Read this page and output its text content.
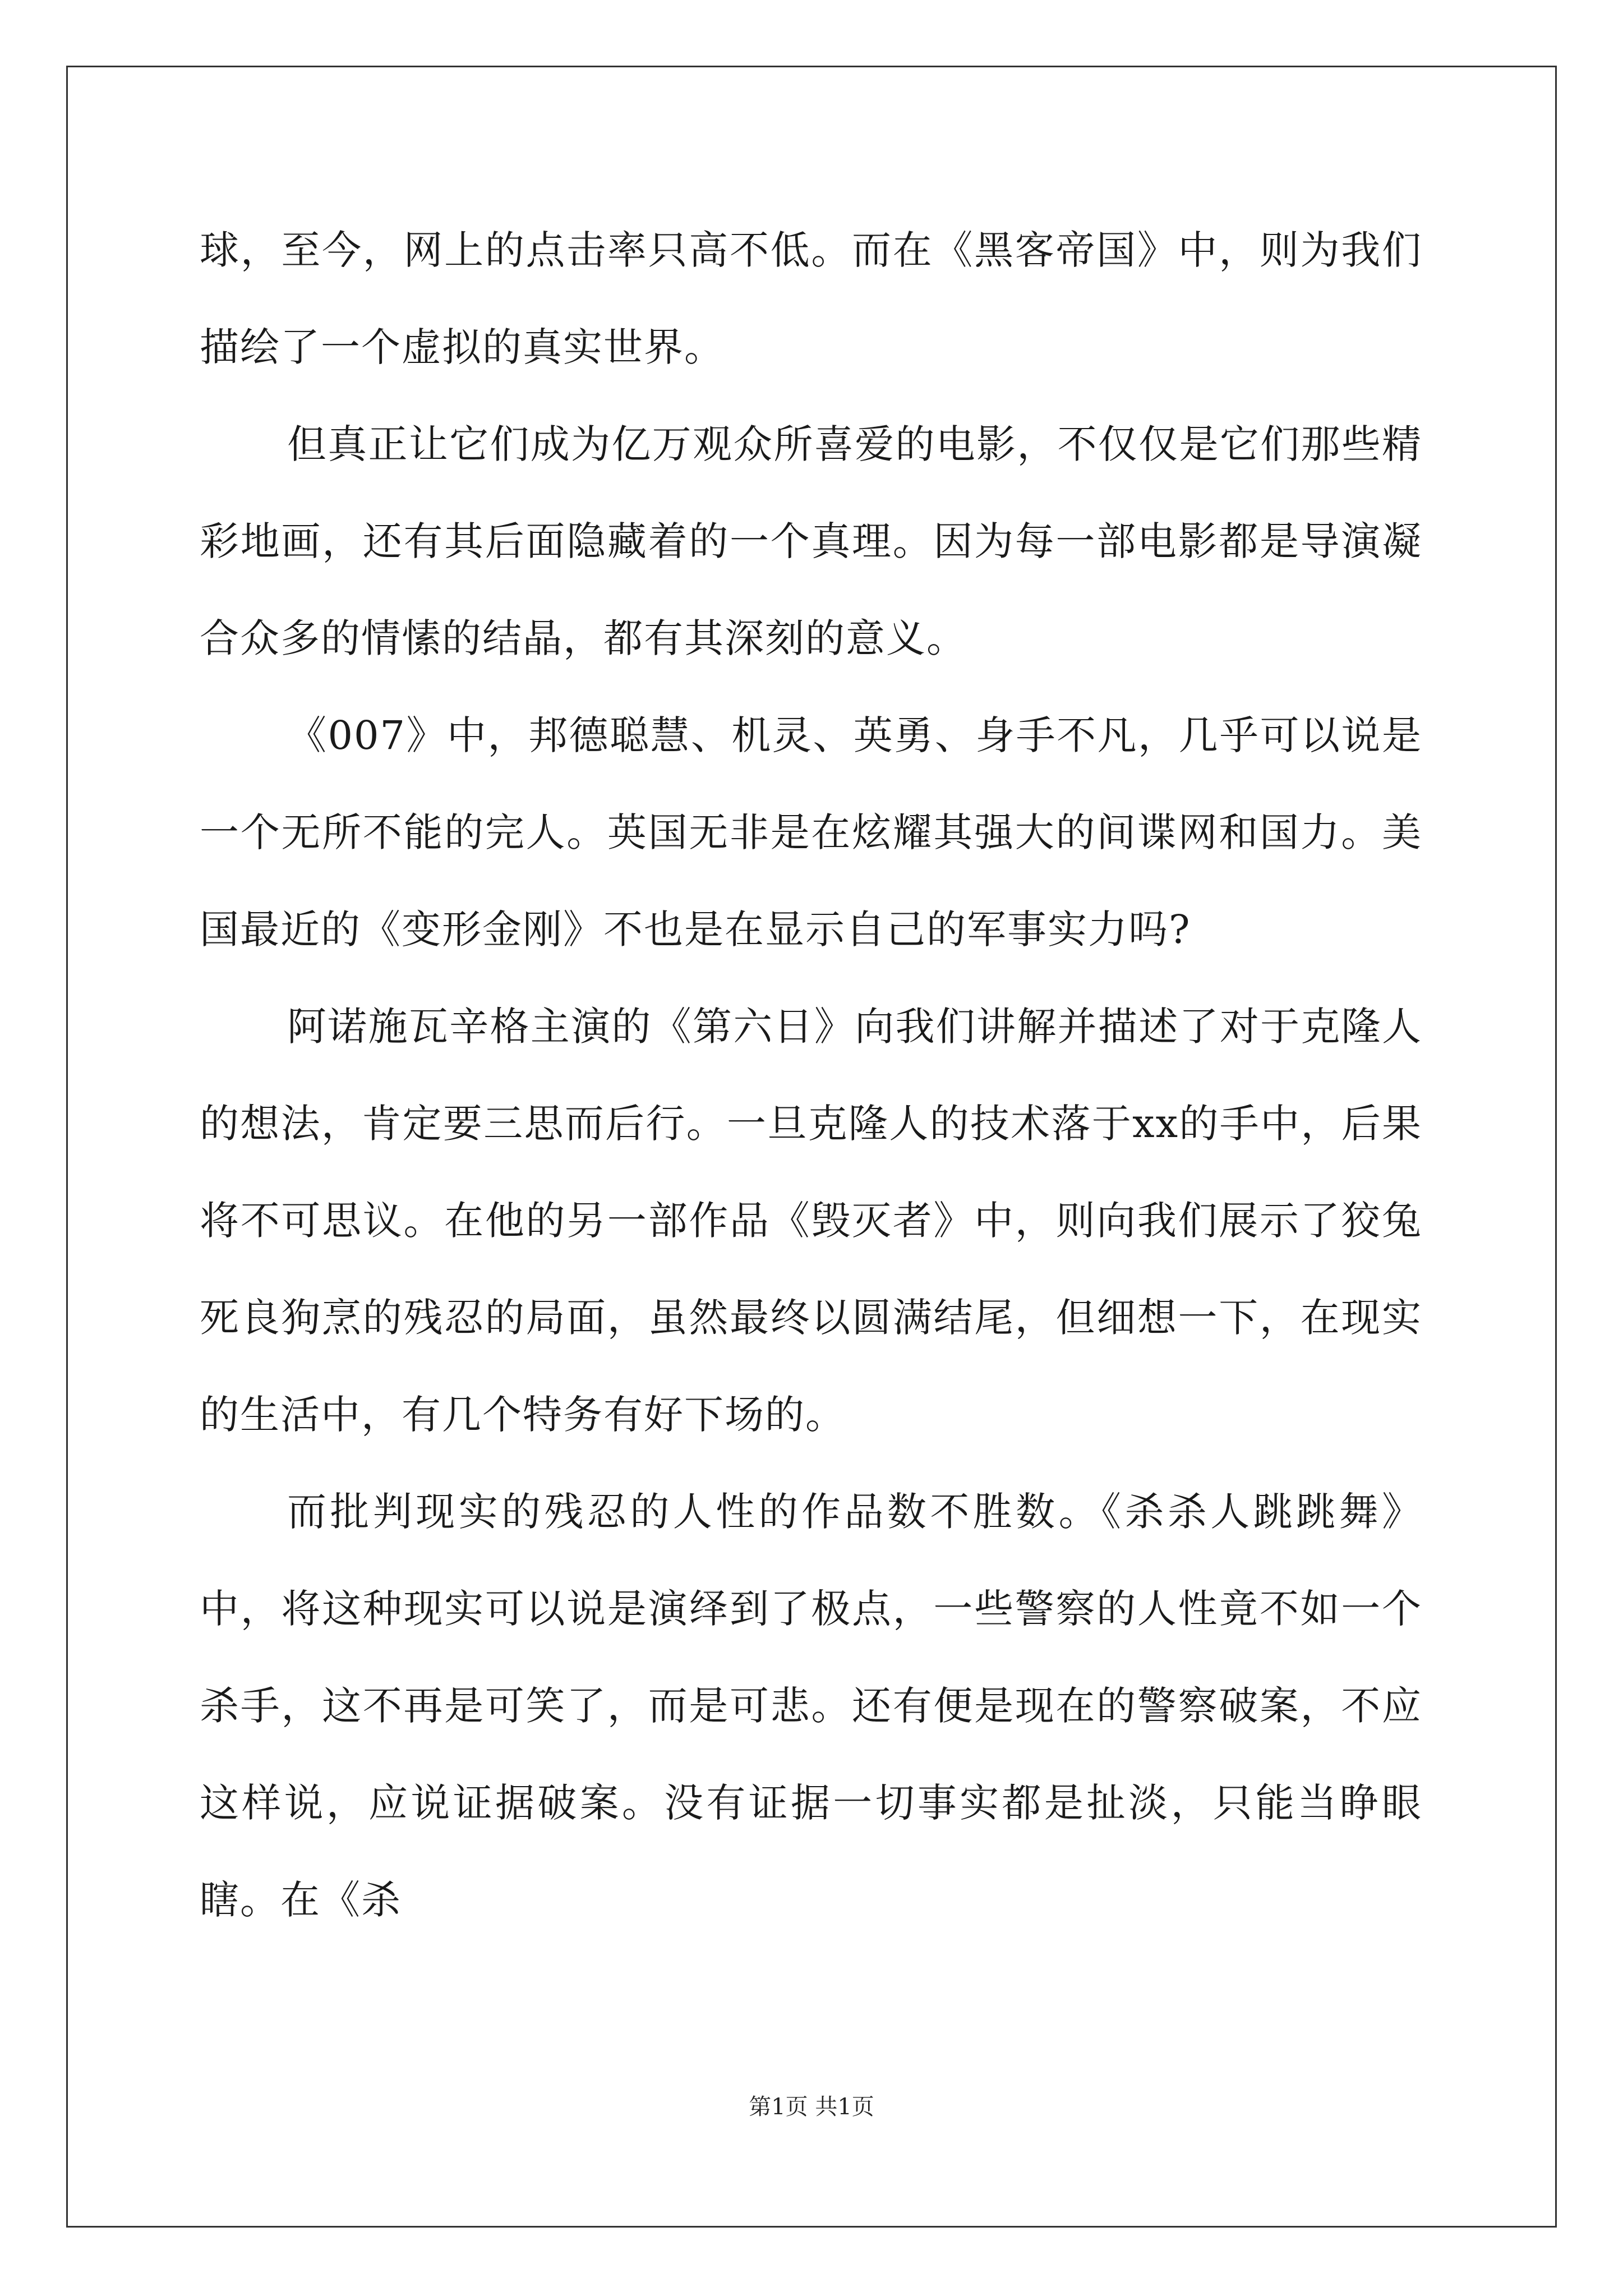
球，至今，网上的点击率只高不低。而在《黑客帝国》中，则为我们描绘了一个虚拟的真实世界。

但真正让它们成为亿万观众所喜爱的电影，不仅仅是它们那些精彩地画，还有其后面隐藏着的一个真理。因为每一部电影都是导演凝合众多的情愫的结晶，都有其深刻的意义。

《007》中，邦德聪慧、机灵、英勇、身手不凡，几乎可以说是一个无所不能的完人。英国无非是在炫耀其强大的间谍网和国力。美国最近的《变形金刚》不也是在显示自己的军事实力吗?

阿诺施瓦辛格主演的《第六日》向我们讲解并描述了对于克隆人的想法，肯定要三思而后行。一旦克隆人的技术落于xx的手中，后果将不可思议。在他的另一部作品《毁灭者》中，则向我们展示了狡兔死良狗烹的残忍的局面，虽然最终以圆满结尾，但细想一下，在现实的生活中，有几个特务有好下场的。

而批判现实的残忍的人性的作品数不胜数。《杀杀人跳跳舞》中，将这种现实可以说是演绎到了极点，一些警察的人性竟不如一个杀手，这不再是可笑了，而是可悲。还有便是现在的警察破案，不应这样说，应说证据破案。没有证据一切事实都是扯淡，只能当睁眼瞎。在《杀

第1页 共1页
